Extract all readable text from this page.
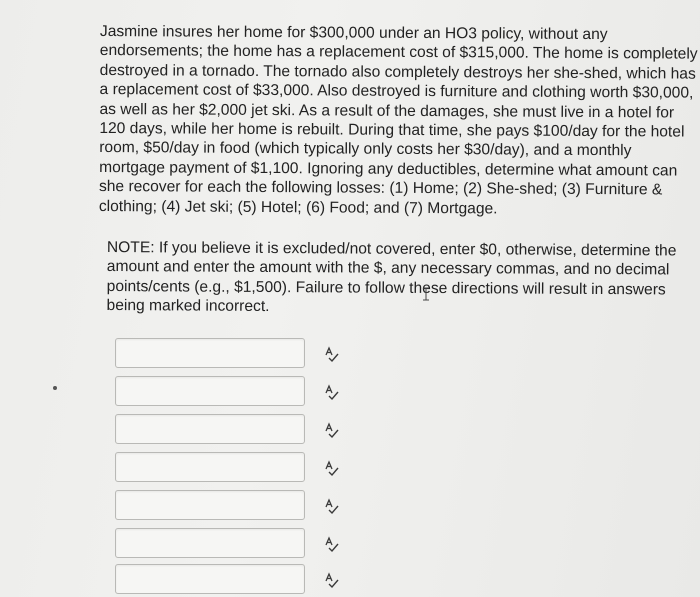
Jasmine insures her home for $300,000 under an HO3 policy, without any endorsements; the home has a replacement cost of $315,000. The home is completely destroyed in a tornado. The tornado also completely destroys her she-shed, which has a replacement cost of $33,000. Also destroyed is furniture and clothing worth $30,000, as well as her $2,000 jet ski. As a result of the damages, she must live in a hotel for 120 days, while her home is rebuilt. During that time, she pays $100/day for the hotel room, $50/day in food (which typically only costs her $30/day), and a monthly mortgage payment of $1,100. Ignoring any deductibles, determine what amount can she recover for each the following losses: (1) Home; (2) She-shed; (3) Furniture & clothing; (4) Jet ski; (5) Hotel; (6) Food; and (7) Mortgage.

NOTE: If you believe it is excluded/not covered, enter $0, otherwise, determine the amount and enter the amount with the $, any necessary commas, and no decimal points/cents (e.g., $1,500). Failure to follow these directions will result in answers being marked incorrect.
